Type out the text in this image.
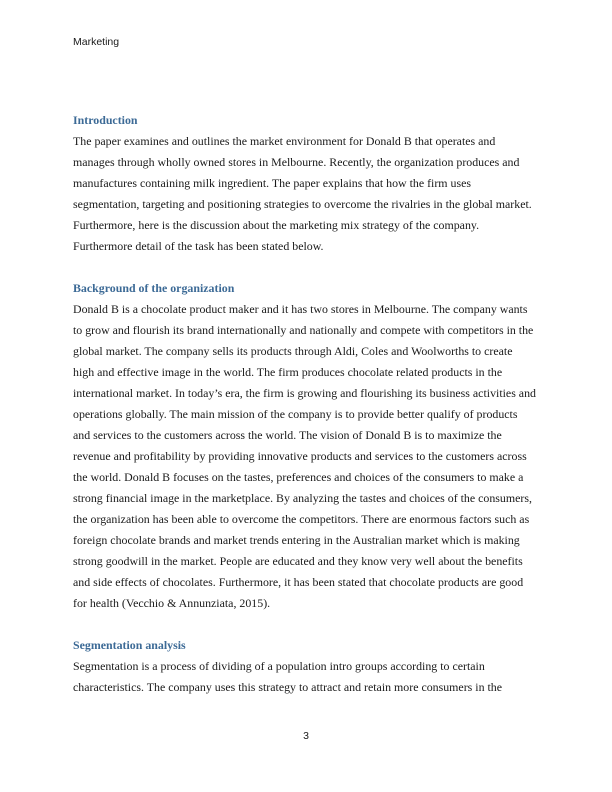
Marketing

Introduction

The paper examines and outlines the market environment for Donald B that operates and

manages through wholly owned stores in Melbourne. Recently, the organization produces and

manufactures containing milk ingredient. The paper explains that how the firm uses

segmentation, targeting and positioning strategies to overcome the rivalries in the global market.

Furthermore, here is the discussion about the marketing mix strategy of the company.

Furthermore detail of the task has been stated below.

Background of the organization

Donald B is a chocolate product maker and it has two stores in Melbourne. The company wants

to grow and flourish its brand internationally and nationally and compete with competitors in the

global market. The company sells its products through Aldi, Coles and Woolworths to create

high and effective image in the world. The firm produces chocolate related products in the

international market. In today’s era, the firm is growing and flourishing its business activities and

operations globally. The main mission of the company is to provide better qualify of products

and services to the customers across the world. The vision of Donald B is to maximize the

revenue and profitability by providing innovative products and services to the customers across

the world. Donald B focuses on the tastes, preferences and choices of the consumers to make a

strong financial image in the marketplace. By analyzing the tastes and choices of the consumers,

the organization has been able to overcome the competitors. There are enormous factors such as

foreign chocolate brands and market trends entering in the Australian market which is making

strong goodwill in the market. People are educated and they know very well about the benefits

and side effects of chocolates. Furthermore, it has been stated that chocolate products are good

for health (Vecchio & Annunziata, 2015).

Segmentation analysis

Segmentation is a process of dividing of a population intro groups according to certain

characteristics. The company uses this strategy to attract and retain more consumers in the

3
